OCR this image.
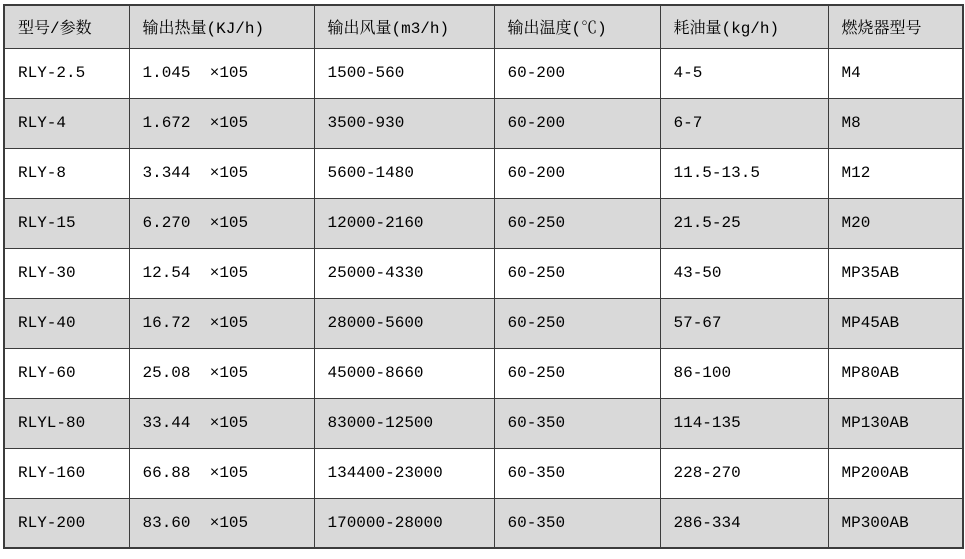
型号/参数	输出热量(KJ/h)	输出风量(m3/h)	输出温度(℃)	耗油量(kg/h)	燃烧器型号
RLY-2.5	1.045  ×105	1500-560	60-200	4-5	M4
RLY-4	1.672  ×105	3500-930	60-200	6-7	M8
RLY-8	3.344  ×105	5600-1480	60-200	11.5-13.5	M12
RLY-15	6.270  ×105	12000-2160	60-250	21.5-25	M20
RLY-30	12.54  ×105	25000-4330	60-250	43-50	MP35AB
RLY-40	16.72  ×105	28000-5600	60-250	57-67	MP45AB
RLY-60	25.08  ×105	45000-8660	60-250	86-100	MP80AB
RLYL-80	33.44  ×105	83000-12500	60-350	114-135	MP130AB
RLY-160	66.88  ×105	134400-23000	60-350	228-270	MP200AB
RLY-200	83.60  ×105	170000-28000	60-350	286-334	MP300AB
